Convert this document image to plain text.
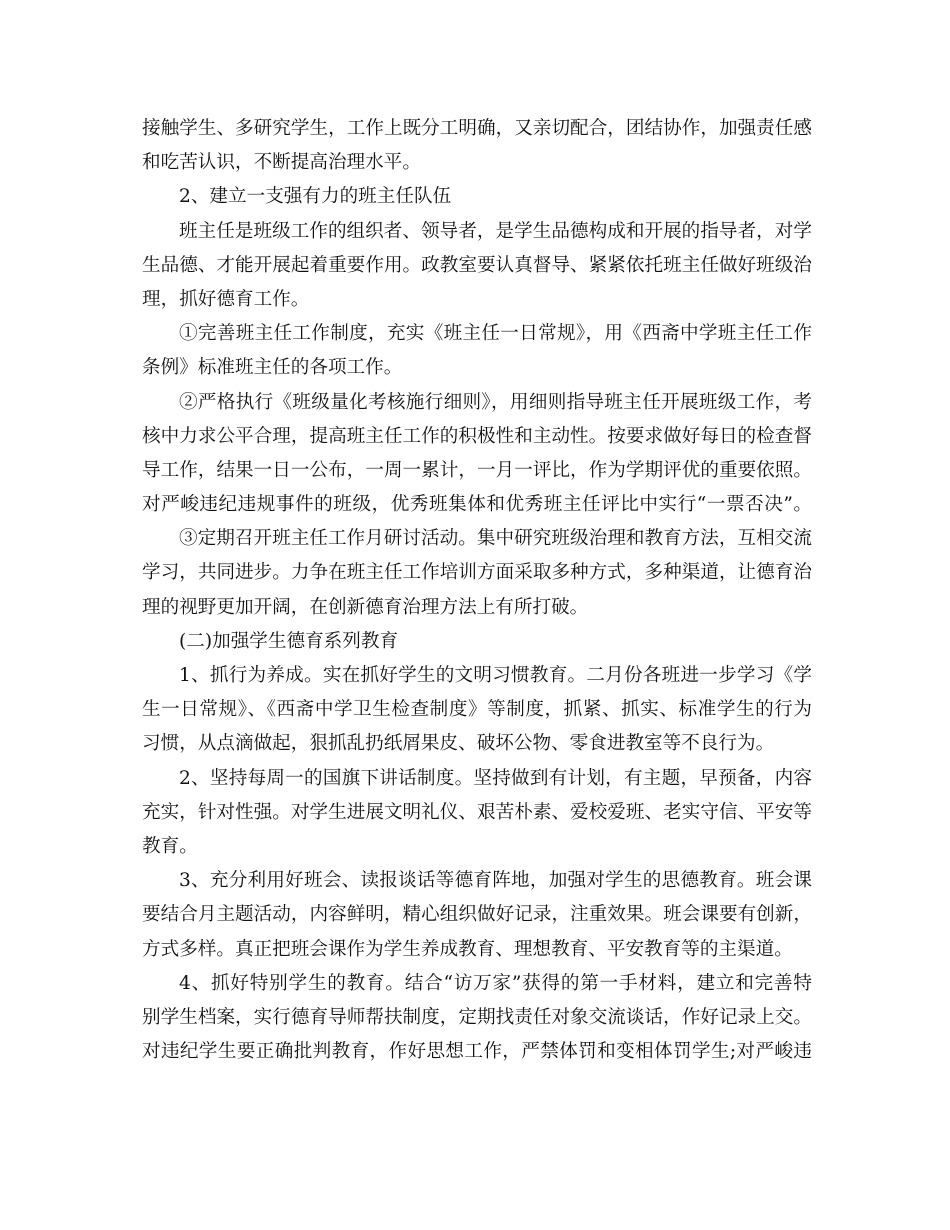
接触学生、多研究学生，工作上既分工明确，又亲切配合，团结协作，加强责任感
和吃苦认识，不断提高治理水平。
2、建立一支强有力的班主任队伍
班主任是班级工作的组织者、领导者，是学生品德构成和开展的指导者，对学
生品德、才能开展起着重要作用。政教室要认真督导、紧紧依托班主任做好班级治
理，抓好德育工作。
①完善班主任工作制度，充实《班主任一日常规》，用《西斋中学班主任工作
条例》标准班主任的各项工作。
②严格执行《班级量化考核施行细则》，用细则指导班主任开展班级工作，考
核中力求公平合理，提高班主任工作的积极性和主动性。按要求做好每日的检查督
导工作，结果一日一公布，一周一累计，一月一评比，作为学期评优的重要依照。
对严峻违纪违规事件的班级，优秀班集体和优秀班主任评比中实行“一票否决”。
③定期召开班主任工作月研讨活动。集中研究班级治理和教育方法，互相交流
学习，共同进步。力争在班主任工作培训方面采取多种方式，多种渠道，让德育治
理的视野更加开阔，在创新德育治理方法上有所打破。
(二)加强学生德育系列教育
1、抓行为养成。实在抓好学生的文明习惯教育。二月份各班进一步学习《学
生一日常规》、《西斋中学卫生检查制度》等制度，抓紧、抓实、标准学生的行为
习惯，从点滴做起，狠抓乱扔纸屑果皮、破坏公物、零食进教室等不良行为。
2、坚持每周一的国旗下讲话制度。坚持做到有计划，有主题，早预备，内容
充实，针对性强。对学生进展文明礼仪、艰苦朴素、爱校爱班、老实守信、平安等
教育。
3、充分利用好班会、读报谈话等德育阵地，加强对学生的思德教育。班会课
要结合月主题活动，内容鲜明，精心组织做好记录，注重效果。班会课要有创新，
方式多样。真正把班会课作为学生养成教育、理想教育、平安教育等的主渠道。
4、抓好特别学生的教育。结合“访万家”获得的第一手材料，建立和完善特
别学生档案，实行德育导师帮扶制度，定期找责任对象交流谈话，作好记录上交。
对违纪学生要正确批判教育，作好思想工作，严禁体罚和变相体罚学生;对严峻违
